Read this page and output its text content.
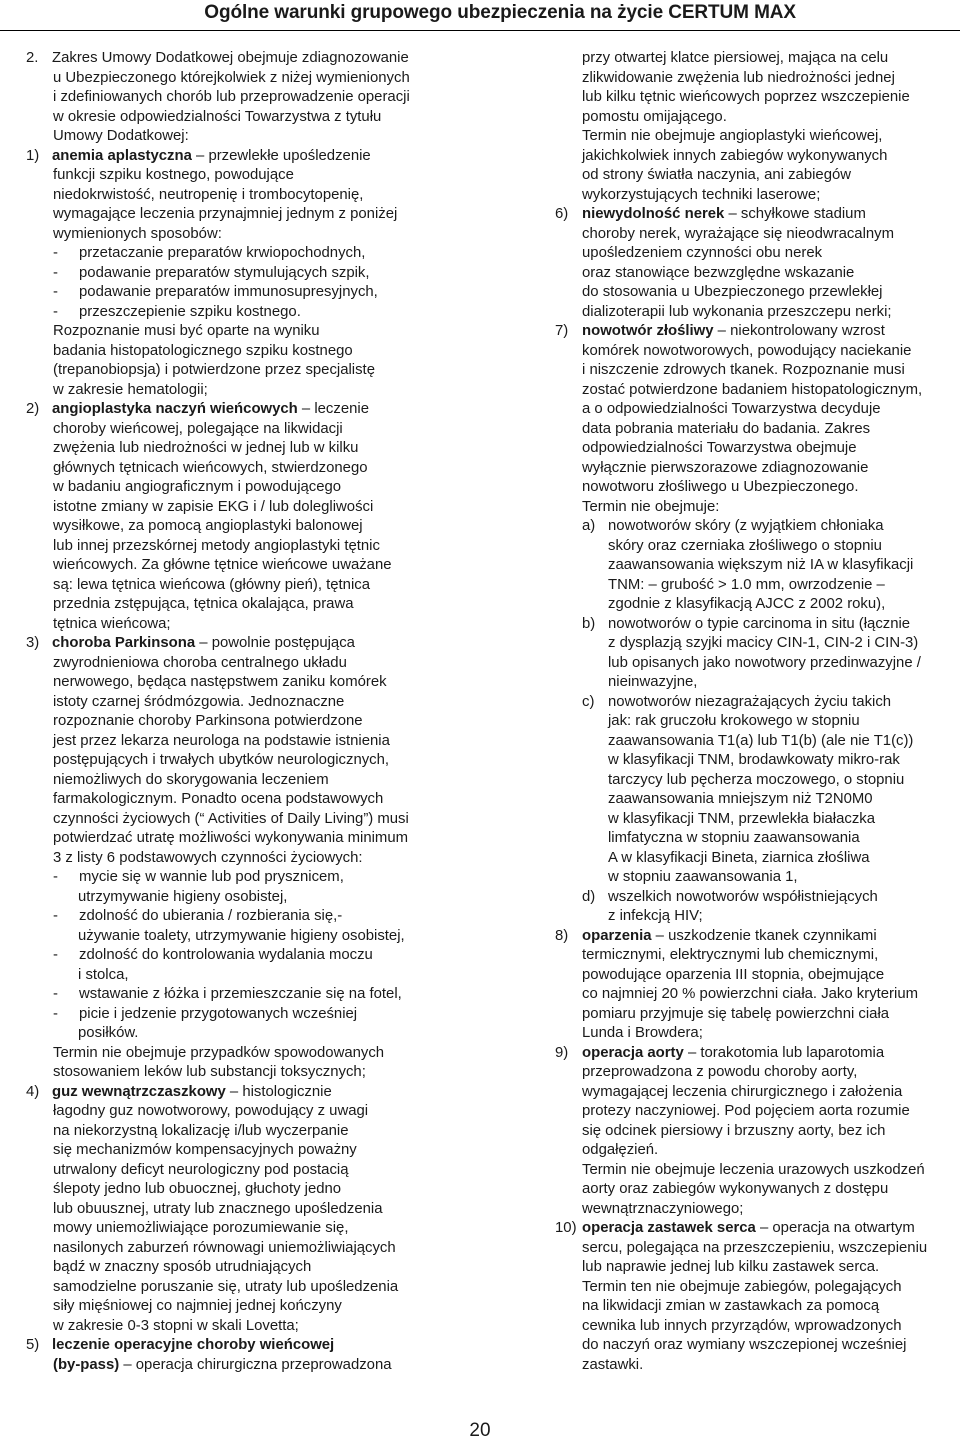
Ogólne warunki grupowego ubezpieczenia na życie CERTUM MAX
2. Zakres Umowy Dodatkowej obejmuje zdiagnozowanie
u Ubezpieczonego którejkolwiek z niżej wymienionych
i zdefiniowanych chorób lub przeprowadzenie operacji
w okresie odpowiedzialności Towarzystwa z tytułu
Umowy Dodatkowej:
1) anemia aplastyczna – przewlekłe upośledzenie
funkcji szpiku kostnego, powodujące
niedokrwistość, neutropenię i trombocytopenię,
wymagające leczenia przynajmniej jednym z poniżej
wymienionych sposobów:
- przetaczanie preparatów krwiopochodnych,
- podawanie preparatów stymulujących szpik,
- podawanie preparatów immunosupresyjnych,
- przeszczepienie szpiku kostnego.
Rozpoznanie musi być oparte na wyniku
badania histopatologicznego szpiku kostnego
(trepanobiopsja) i potwierdzone przez specjalistę
w zakresie hematologii;
2) angioplastyka naczyń wieńcowych – leczenie
choroby wieńcowej, polegające na likwidacji
zwężenia lub niedrożności w jednej lub w kilku
głównych tętnicach wieńcowych, stwierdzonego
w badaniu angiograficznym i powodującego
istotne zmiany w zapisie EKG i / lub dolegliwości
wysiłkowe, za pomocą angioplastyki balonowej
lub innej przezskórnej metody angioplastyki tętnic
wieńcowych. Za główne tętnice wieńcowe uważane
są: lewa tętnica wieńcowa (główny pień), tętnica
przednia zstępująca, tętnica okalająca, prawa
tętnica wieńcowa;
3) choroba Parkinsona – powolnie postępująca
zwyrodnieniowa choroba centralnego układu
nerwowego, będąca następstwem zaniku komórek
istoty czarnej śródmózgowia. Jednoznaczne
rozpoznanie choroby Parkinsona potwierdzone
jest przez lekarza neurologa na podstawie istnienia
postępujących i trwałych ubytków neurologicznych,
niemożliwych do skorygowania leczeniem
farmakologicznym. Ponadto ocena podstawowych
czynności życiowych (“ Activities of Daily Living”) musi
potwierdzać utratę możliwości wykonywania minimum
3 z listy 6 podstawowych czynności życiowych:
- mycie się w wannie lub pod prysznicem,
utrzymywanie higieny osobistej,
- zdolność do ubierania / rozbierania się,-
używanie toalety, utrzymywanie higieny osobistej,
- zdolność do kontrolowania wydalania moczu
i stolca,
- wstawanie z łóżka i przemieszczanie się na fotel,
- picie i jedzenie przygotowanych wcześniej
posiłków.
Termin nie obejmuje przypadków spowodowanych
stosowaniem leków lub substancji toksycznych;
4) guz wewnątrzczaszkowy – histologicznie
łagodny guz nowotworowy, powodujący z uwagi
na niekorzystną lokalizację i/lub wyczerpanie
się mechanizmów kompensacyjnych poważny
utrwalony deficyt neurologiczny pod postacią
ślepoty jedno lub obuocznej, głuchoty jedno
lub obuusznej, utraty lub znacznego upośledzenia
mowy uniemożliwiające porozumiewanie się,
nasilonych zaburzeń równowagi uniemożliwiających
bądź w znaczny sposób utrudniających
samodzielne poruszanie się, utraty lub upośledzenia
siły mięśniowej co najmniej jednej kończyny
w zakresie 0-3 stopni w skali Lovetta;
5) leczenie operacyjne choroby wieńcowej
(by-pass) – operacja chirurgiczna przeprowadzona
przy otwartej klatce piersiowej, mająca na celu
zlikwidowanie zwężenia lub niedrożności jednej
lub kilku tętnic wieńcowych poprzez wszczepienie
pomostu omijającego.
Termin nie obejmuje angioplastyki wieńcowej,
jakichkolwiek innych zabiegów wykonywanych
od strony światła naczynia, ani zabiegów
wykorzystujących techniki laserowe;
6) niewydolność nerek – schyłkowe stadium
choroby nerek, wyrażające się nieodwracalnym
upośledzeniem czynności obu nerek
oraz stanowiące bezwzględne wskazanie
do stosowania u Ubezpieczonego przewlekłej
dializoterapii lub wykonania przeszczepu nerki;
7) nowotwór złośliwy – niekontrolowany wzrost
komórek nowotworowych, powodujący naciekanie
i niszczenie zdrowych tkanek. Rozpoznanie musi
zostać potwierdzone badaniem histopatologicznym,
a o odpowiedzialności Towarzystwa decyduje
data pobrania materiału do badania. Zakres
odpowiedzialności Towarzystwa obejmuje
wyłącznie pierwszorazowe zdiagnozowanie
nowotworu złośliwego u Ubezpieczonego.
Termin nie obejmuje:
a) nowotworów skóry (z wyjątkiem chłoniaka
skóry oraz czerniaka złośliwego o stopniu
zaawansowania większym niż IA w klasyfikacji
TNM: – grubość > 1.0 mm, owrzodzenie –
zgodnie z klasyfikacją AJCC z 2002 roku),
b) nowotworów o typie carcinoma in situ (łącznie
z dysplazją szyjki macicy CIN-1, CIN-2 i CIN-3)
lub opisanych jako nowotwory przedinwazyjne /
nieinwazyjne,
c) nowotworów niezagrażających życiu takich
jak: rak gruczołu krokowego w stopniu
zaawansowania T1(a) lub T1(b) (ale nie T1(c))
w klasyfikacji TNM, brodawkowaty mikro-rak
tarczycy lub pęcherza moczowego, o stopniu
zaawansowania mniejszym niż T2N0M0
w klasyfikacji TNM, przewlekła białaczka
limfatyczna w stopniu zaawansowania
A w klasyfikacji Bineta, ziarnica złośliwa
w stopniu zaawansowania 1,
d) wszelkich nowotworów współistniejących
z infekcją HIV;
8) oparzenia – uszkodzenie tkanek czynnikami
termicznymi, elektrycznymi lub chemicznymi,
powodujące oparzenia III stopnia, obejmujące
co najmniej 20 % powierzchni ciała. Jako kryterium
pomiaru przyjmuje się tabelę powierzchni ciała
Lunda i Browdera;
9) operacja aorty – torakotomia lub laparotomia
przeprowadzona z powodu choroby aorty,
wymagającej leczenia chirurgicznego i założenia
protezy naczyniowej. Pod pojęciem aorta rozumie
się odcinek piersiowy i brzuszny aorty, bez ich
odgałęzień.
Termin nie obejmuje leczenia urazowych uszkodzeń
aorty oraz zabiegów wykonywanych z dostępu
wewnątrznaczyniowego;
10) operacja zastawek serca – operacja na otwartym
sercu, polegająca na przeszczepieniu, wszczepieniu
lub naprawie jednej lub kilku zastawek serca.
Termin ten nie obejmuje zabiegów, polegających
na likwidacji zmian w zastawkach za pomocą
cewnika lub innych przyrządów, wprowadzonych
do naczyń oraz wymiany wszczepionej wcześniej
zastawki.
20
